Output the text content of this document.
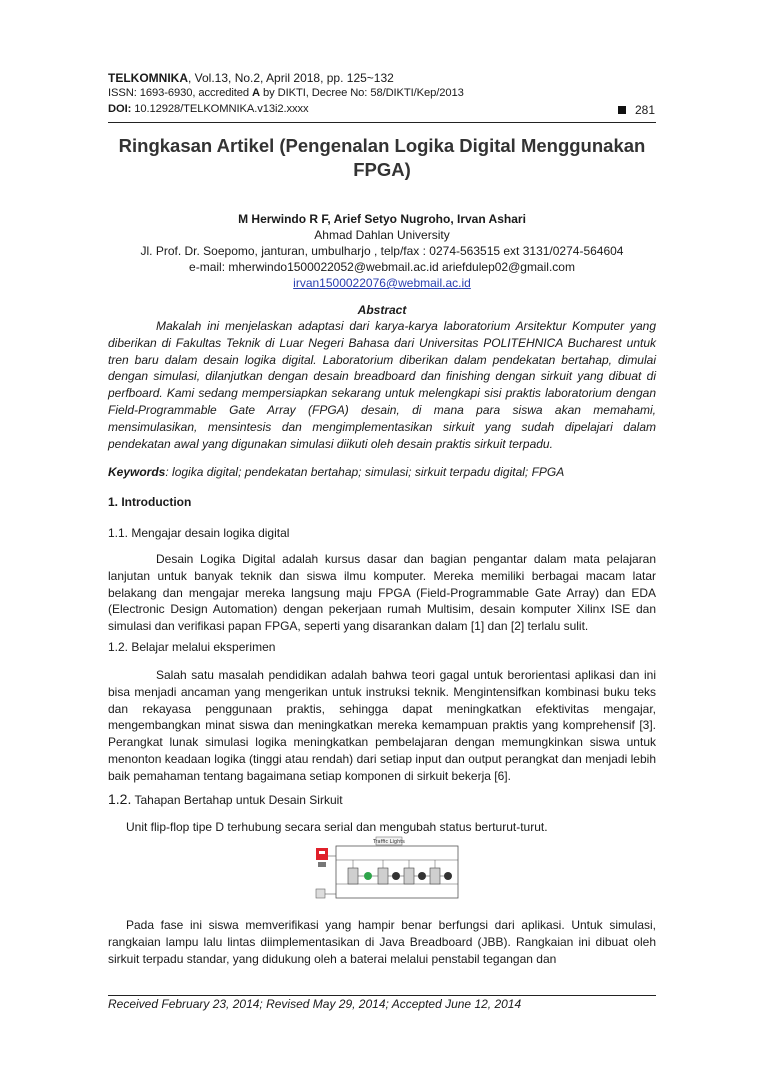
TELKOMNIKA, Vol.13, No.2, April 2018, pp. 125~132
ISSN: 1693-6930, accredited A by DIKTI, Decree No: 58/DIKTI/Kep/2013
DOI: 10.12928/TELKOMNIKA.v13i2.xxxx	281
Ringkasan Artikel (Pengenalan Logika Digital Menggunakan FPGA)
M Herwindo R F, Arief Setyo Nugroho, Irvan Ashari
Ahmad Dahlan University
Jl. Prof. Dr. Soepomo, janturan, umbulharjo , telp/fax : 0274-563515 ext 3131/0274-564604
e-mail: mherwindo1500022052@webmail.ac.id ariefdulep02@gmail.com
irvan1500022076@webmail.ac.id
Abstract
Makalah ini menjelaskan adaptasi dari karya-karya laboratorium Arsitektur Komputer yang diberikan di Fakultas Teknik di Luar Negeri Bahasa dari Universitas POLITEHNICA Bucharest untuk tren baru dalam desain logika digital. Laboratorium diberikan dalam pendekatan bertahap, dimulai dengan simulasi, dilanjutkan dengan desain breadboard dan finishing dengan sirkuit yang dibuat di perfboard. Kami sedang mempersiapkan sekarang untuk melengkapi sisi praktis laboratorium dengan Field-Programmable Gate Array (FPGA) desain, di mana para siswa akan memahami, mensimulasikan, mensintesis dan mengimplementasikan sirkuit yang sudah dipelajari dalam pendekatan awal yang digunakan simulasi diikuti oleh desain praktis sirkuit terpadu.
Keywords: logika digital; pendekatan bertahap; simulasi; sirkuit terpadu digital; FPGA
1. Introduction
1.1. Mengajar desain logika digital
Desain Logika Digital adalah kursus dasar dan bagian pengantar dalam mata pelajaran lanjutan untuk banyak teknik dan siswa ilmu komputer. Mereka memiliki berbagai macam latar belakang dan mengajar mereka langsung maju FPGA (Field-Programmable Gate Array) dan EDA (Electronic Design Automation) dengan pekerjaan rumah Multisim, desain komputer Xilinx ISE dan simulasi dan verifikasi papan FPGA, seperti yang disarankan dalam [1] dan [2] terlalu sulit.
1.2. Belajar melalui eksperimen
Salah satu masalah pendidikan adalah bahwa teori gagal untuk berorientasi aplikasi dan ini bisa menjadi ancaman yang mengerikan untuk instruksi teknik. Mengintensifkan kombinasi buku teks dan rekayasa penggunaan praktis, sehingga dapat meningkatkan efektivitas mengajar, mengembangkan minat siswa dan meningkatkan mereka kemampuan praktis yang komprehensif [3]. Perangkat lunak simulasi logika meningkatkan pembelajaran dengan memungkinkan siswa untuk menonton keadaan logika (tinggi atau rendah) dari setiap input dan output perangkat dan menjadi lebih baik pemahaman tentang bagaimana setiap komponen di sirkuit bekerja [6].
1.2. Tahapan Bertahap untuk Desain Sirkuit
Unit flip-flop tipe D terhubung secara serial dan mengubah status berturut-turut.
Traffic Lights
Pada fase ini siswa memverifikasi yang hampir benar berfungsi dari aplikasi. Untuk simulasi, rangkaian lampu lalu lintas diimplementasikan di Java Breadboard (JBB). Rangkaian ini dibuat oleh sirkuit terpadu standar, yang didukung oleh a baterai melalui penstabil tegangan dan
Received February 23, 2014; Revised May 29, 2014; Accepted June 12, 2014
